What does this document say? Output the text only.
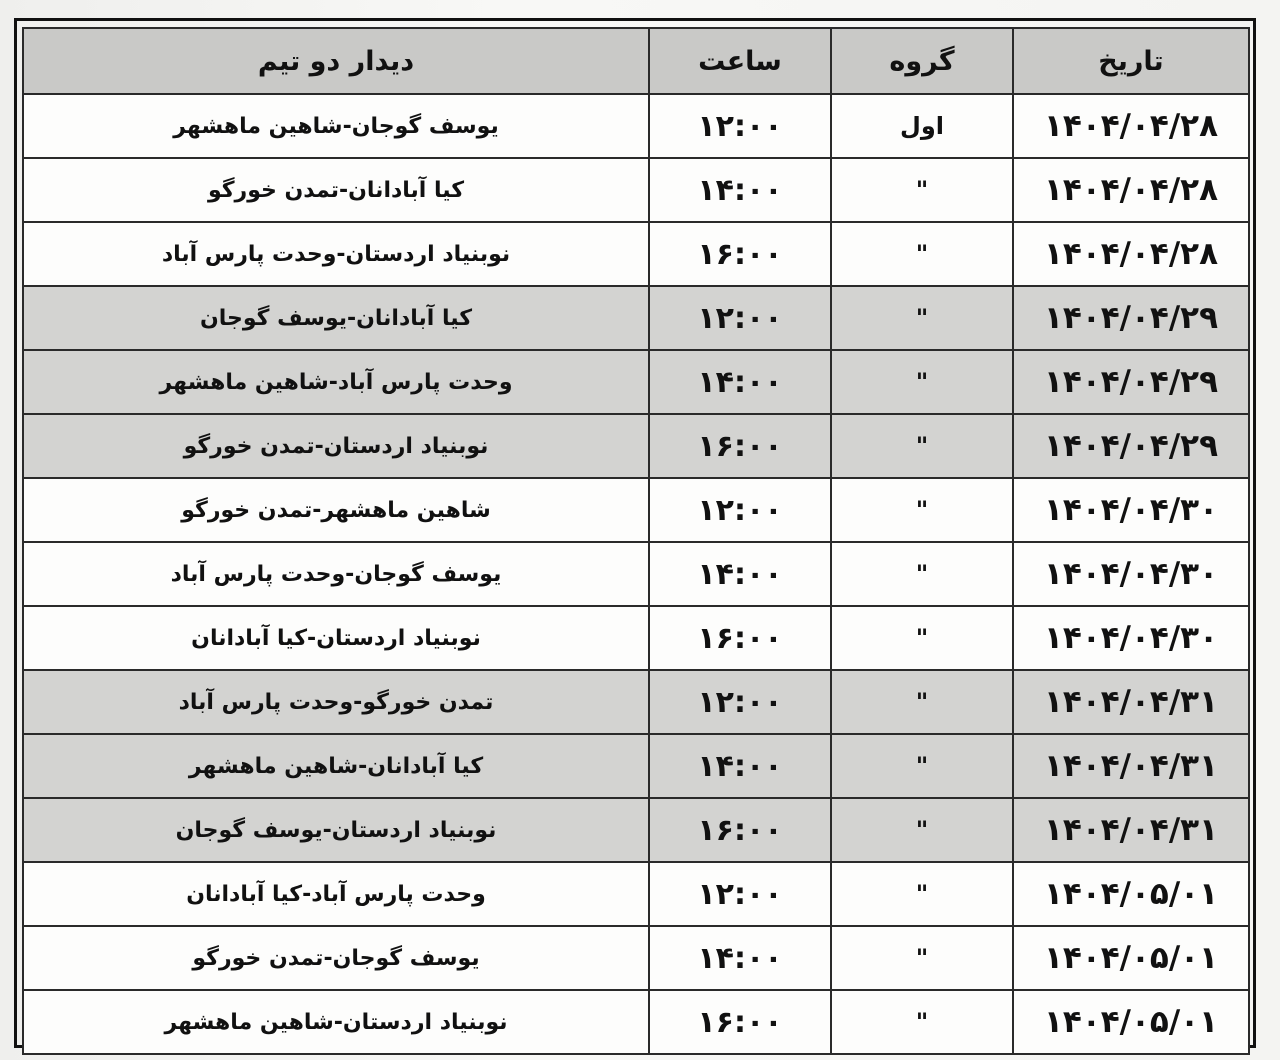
تاریخ	گروه	ساعت	دیدار دو تیم
۱۴۰۴/۰۴/۲۸	اول	۱۲:۰۰	یوسف گوجان-شاهین ماهشهر
۱۴۰۴/۰۴/۲۸	"	۱۴:۰۰	کیا آبادانان-تمدن خورگو
۱۴۰۴/۰۴/۲۸	"	۱۶:۰۰	نوبنیاد اردستان-وحدت پارس آباد
۱۴۰۴/۰۴/۲۹	"	۱۲:۰۰	کیا آبادانان-یوسف گوجان
۱۴۰۴/۰۴/۲۹	"	۱۴:۰۰	وحدت پارس آباد-شاهین ماهشهر
۱۴۰۴/۰۴/۲۹	"	۱۶:۰۰	نوبنیاد اردستان-تمدن خورگو
۱۴۰۴/۰۴/۳۰	"	۱۲:۰۰	شاهین ماهشهر-تمدن خورگو
۱۴۰۴/۰۴/۳۰	"	۱۴:۰۰	یوسف گوجان-وحدت پارس آباد
۱۴۰۴/۰۴/۳۰	"	۱۶:۰۰	نوبنیاد اردستان-کیا آبادانان
۱۴۰۴/۰۴/۳۱	"	۱۲:۰۰	تمدن خورگو-وحدت پارس آباد
۱۴۰۴/۰۴/۳۱	"	۱۴:۰۰	کیا آبادانان-شاهین ماهشهر
۱۴۰۴/۰۴/۳۱	"	۱۶:۰۰	نوبنیاد اردستان-یوسف گوجان
۱۴۰۴/۰۵/۰۱	"	۱۲:۰۰	وحدت پارس آباد-کیا آبادانان
۱۴۰۴/۰۵/۰۱	"	۱۴:۰۰	یوسف گوجان-تمدن خورگو
۱۴۰۴/۰۵/۰۱	"	۱۶:۰۰	نوبنیاد اردستان-شاهین ماهشهر
